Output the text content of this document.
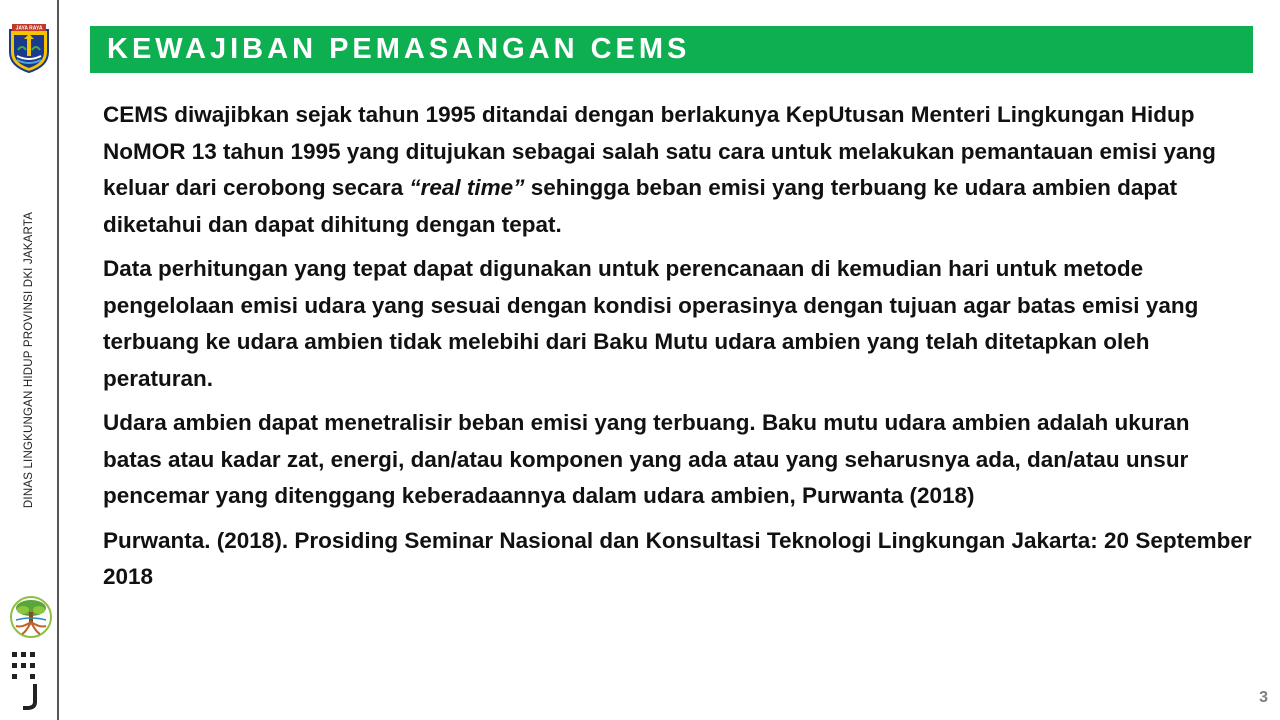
JAYA RAYA
DINAS LINGKUNGAN HIDUP PROVINSI DKI JAKARTA
KEWAJIBAN PEMASANGAN CEMS

CEMS diwajibkan sejak tahun 1995 ditandai dengan berlakunya KepUtusan Menteri Lingkungan Hidup NoMOR 13 tahun 1995 yang ditujukan sebagai salah satu cara untuk melakukan pemantauan emisi yang keluar dari cerobong secara “real time” sehingga beban emisi yang terbuang ke udara ambien dapat diketahui dan dapat dihitung dengan tepat.

Data perhitungan yang tepat dapat digunakan untuk perencanaan di kemudian hari untuk metode pengelolaan emisi udara yang sesuai dengan kondisi operasinya dengan tujuan agar batas emisi yang terbuang ke udara ambien tidak melebihi dari Baku Mutu udara ambien yang telah ditetapkan oleh peraturan.

Udara ambien dapat menetralisir beban emisi yang terbuang. Baku mutu udara ambien adalah ukuran batas atau kadar zat, energi, dan/atau komponen yang ada atau yang seharusnya ada, dan/atau unsur pencemar yang ditenggang keberadaannya dalam udara ambien, Purwanta (2018)

Purwanta. (2018). Prosiding Seminar Nasional dan Konsultasi Teknologi Lingkungan Jakarta: 20 September 2018

3
